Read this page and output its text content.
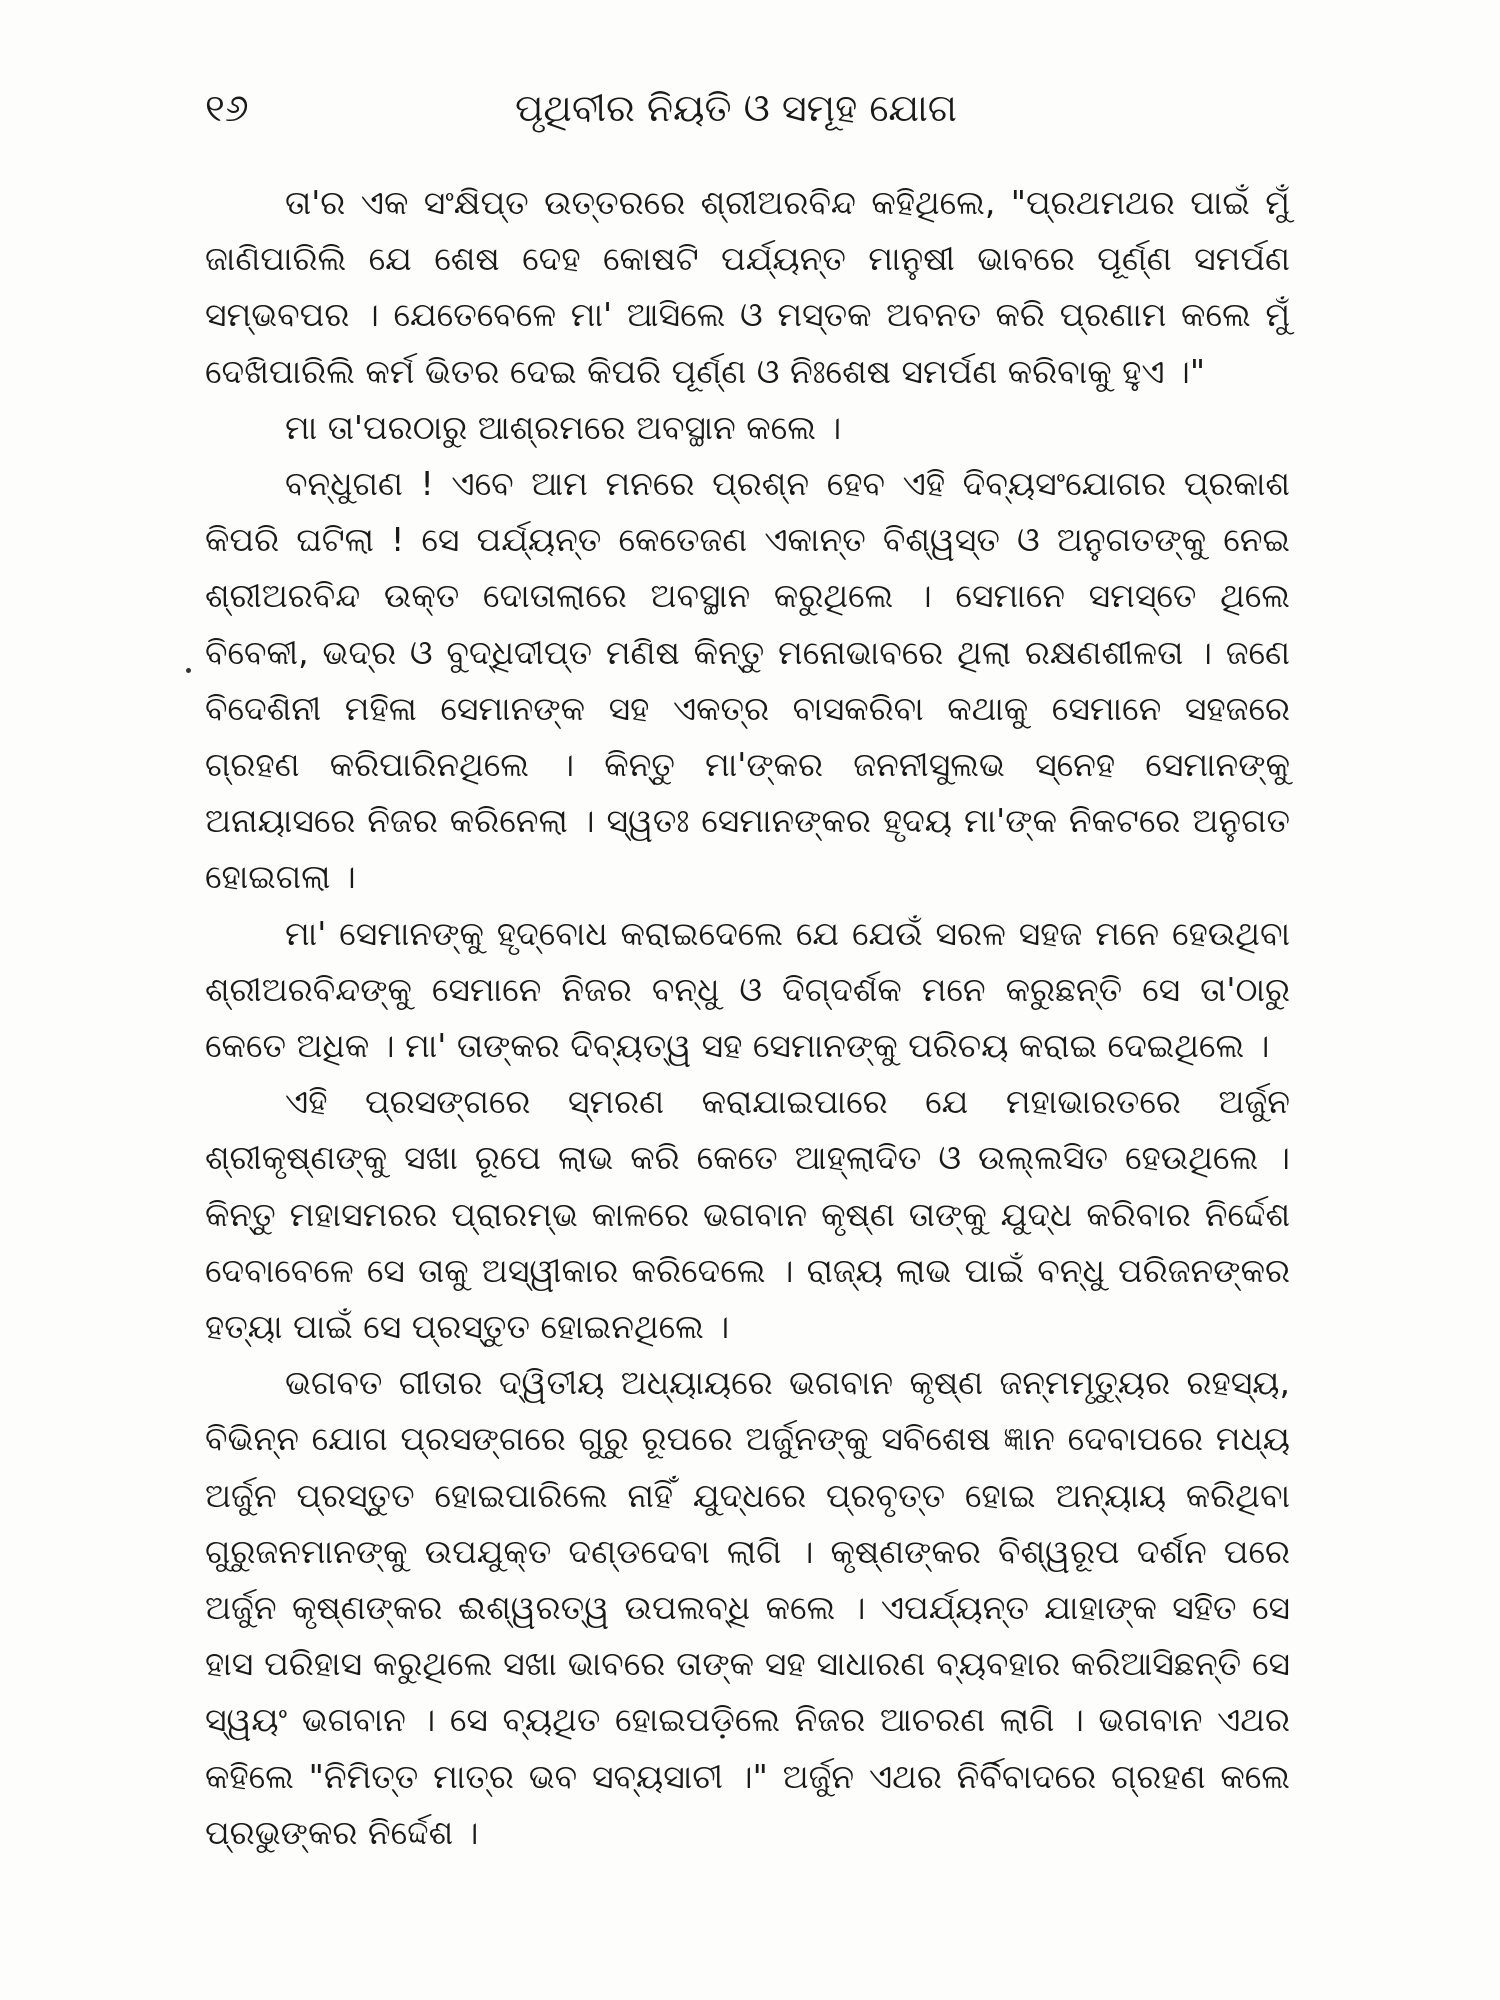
୧୬	ପୃଥିବୀର ନିୟତି ଓ ସମୂହ ଯୋଗ

ତା'ର ଏକ ସଂକ୍ଷିପ୍ତ ଉତ୍ତରରେ ଶ୍ରୀଅରବିନ୍ଦ କହିଥିଲେ, "ପ୍ରଥମଥର ପାଇଁ ମୁଁ ଜାଣିପାରିଲି ଯେ ଶେଷ ଦେହ କୋଷଟି ପର୍ଯ୍ୟନ୍ତ ମାନୁଷୀ ଭାବରେ ପୂର୍ଣ୍ଣ ସମର୍ପଣ ସମ୍ଭବପର । ଯେତେବେଳେ ମା' ଆସିଲେ ଓ ମସ୍ତକ ଅବନତ କରି ପ୍ରଣାମ କଲେ ମୁଁ ଦେଖିପାରିଲି କର୍ମ ଭିତର ଦେଇ କିପରି ପୂର୍ଣ୍ଣ ଓ ନିଃଶେଷ ସମର୍ପଣ କରିବାକୁ ହୁଏ ।"

ମା ତା'ପରଠାରୁ ଆଶ୍ରମରେ ଅବସ୍ଥାନ କଲେ ।

ବନ୍ଧୁଗଣ ! ଏବେ ଆମ ମନରେ ପ୍ରଶ୍ନ ହେବ ଏହି ଦିବ୍ୟସଂଯୋଗର ପ୍ରକାଶ କିପରି ଘଟିଲା ! ସେ ପର୍ଯ୍ୟନ୍ତ କେତେଜଣ ଏକାନ୍ତ ବିଶ୍ୱସ୍ତ ଓ ଅନୁଗତଙ୍କୁ ନେଇ ଶ୍ରୀଅରବିନ୍ଦ ଉକ୍ତ ଦୋତାଲାରେ ଅବସ୍ଥାନ କରୁଥିଲେ । ସେମାନେ ସମସ୍ତେ ଥିଲେ ବିବେକୀ, ଭଦ୍ର ଓ ବୁଦ୍ଧିଦୀପ୍ତ ମଣିଷ କିନ୍ତୁ ମନୋଭାବରେ ଥିଲା ରକ୍ଷଣଶୀଳତା । ଜଣେ ବିଦେଶିନୀ ମହିଳା ସେମାନଙ୍କ ସହ ଏକତ୍ର ବାସକରିବା କଥାକୁ ସେମାନେ ସହଜରେ ଗ୍ରହଣ କରିପାରିନଥିଲେ । କିନ୍ତୁ ମା'ଙ୍କର ଜନନୀସୁଲଭ ସ୍ନେହ ସେମାନଙ୍କୁ ଅନାୟାସରେ ନିଜର କରିନେଲା । ସ୍ୱତଃ ସେମାନଙ୍କର ହୃଦୟ ମା'ଙ୍କ ନିକଟରେ ଅନୁଗତ ହୋଇଗଲା ।

ମା' ସେମାନଙ୍କୁ ହୃଦ୍‌ବୋଧ କରାଇଦେଲେ ଯେ ଯେଉଁ ସରଳ ସହଜ ମନେ ହେଉଥିବା ଶ୍ରୀଅରବିନ୍ଦଙ୍କୁ ସେମାନେ ନିଜର ବନ୍ଧୁ ଓ ଦିଗ୍‌ଦର୍ଶକ ମନେ କରୁଛନ୍ତି ସେ ତା'ଠାରୁ କେତେ ଅଧିକ । ମା' ତାଙ୍କର ଦିବ୍ୟତ୍ୱ ସହ ସେମାନଙ୍କୁ ପରିଚୟ କରାଇ ଦେଇଥିଲେ ।

ଏହି ପ୍ରସଙ୍ଗରେ ସ୍ମରଣ କରାଯାଇପାରେ ଯେ ମହାଭାରତରେ ଅର୍ଜୁନ ଶ୍ରୀକୃଷ୍ଣଙ୍କୁ ସଖା ରୂପେ ଲାଭ କରି କେତେ ଆହ୍ଲାଦିତ ଓ ଉଲ୍ଲସିତ ହେଉଥିଲେ । କିନ୍ତୁ ମହାସମରର ପ୍ରାରମ୍ଭ କାଳରେ ଭଗବାନ କୃଷ୍ଣ ତାଙ୍କୁ ଯୁଦ୍ଧ କରିବାର ନିର୍ଦ୍ଦେଶ ଦେବାବେଳେ ସେ ତାକୁ ଅସ୍ୱୀକାର କରିଦେଲେ । ରାଜ୍ୟ ଲାଭ ପାଇଁ ବନ୍ଧୁ ପରିଜନଙ୍କର ହତ୍ୟା ପାଇଁ ସେ ପ୍ରସ୍ତୁତ ହୋଇନଥିଲେ ।

ଭଗବତ ଗୀତାର ଦ୍ୱିତୀୟ ଅଧ୍ୟାୟରେ ଭଗବାନ କୃଷ୍ଣ ଜନ୍ମମୃତ୍ୟୁର ରହସ୍ୟ, ବିଭିନ୍ନ ଯୋଗ ପ୍ରସଙ୍ଗରେ ଗୁରୁ ରୂପରେ ଅର୍ଜୁନଙ୍କୁ ସବିଶେଷ ଜ୍ଞାନ ଦେବାପରେ ମଧ୍ୟ ଅର୍ଜୁନ ପ୍ରସ୍ତୁତ ହୋଇପାରିଲେ ନାହିଁ ଯୁଦ୍ଧରେ ପ୍ରବୃତ୍ତ ହୋଇ ଅନ୍ୟାୟ କରିଥିବା ଗୁରୁଜନମାନଙ୍କୁ ଉପଯୁକ୍ତ ଦଣ୍ଡଦେବା ଲାଗି । କୃଷ୍ଣଙ୍କର ବିଶ୍ୱରୂପ ଦର୍ଶନ ପରେ ଅର୍ଜୁନ କୃଷ୍ଣଙ୍କର ଈଶ୍ୱରତ୍ୱ ଉପଲବ୍ଧି କଲେ । ଏପର୍ଯ୍ୟନ୍ତ ଯାହାଙ୍କ ସହିତ ସେ ହାସ ପରିହାସ କରୁଥିଲେ ସଖା ଭାବରେ ତାଙ୍କ ସହ ସାଧାରଣ ବ୍ୟବହାର କରିଆସିଛନ୍ତି ସେ ସ୍ୱୟଂ ଭଗବାନ । ସେ ବ୍ୟଥିତ ହୋଇପଡ଼ିଲେ ନିଜର ଆଚରଣ ଲାଗି । ଭଗବାନ ଏଥର କହିଲେ "ନିମିତ୍ତ ମାତ୍ର ଭବ ସବ୍ୟସାଚୀ ।" ଅର୍ଜୁନ ଏଥର ନିର୍ବିବାଦରେ ଗ୍ରହଣ କଲେ ପ୍ରଭୁଙ୍କର ନିର୍ଦ୍ଦେଶ ।
